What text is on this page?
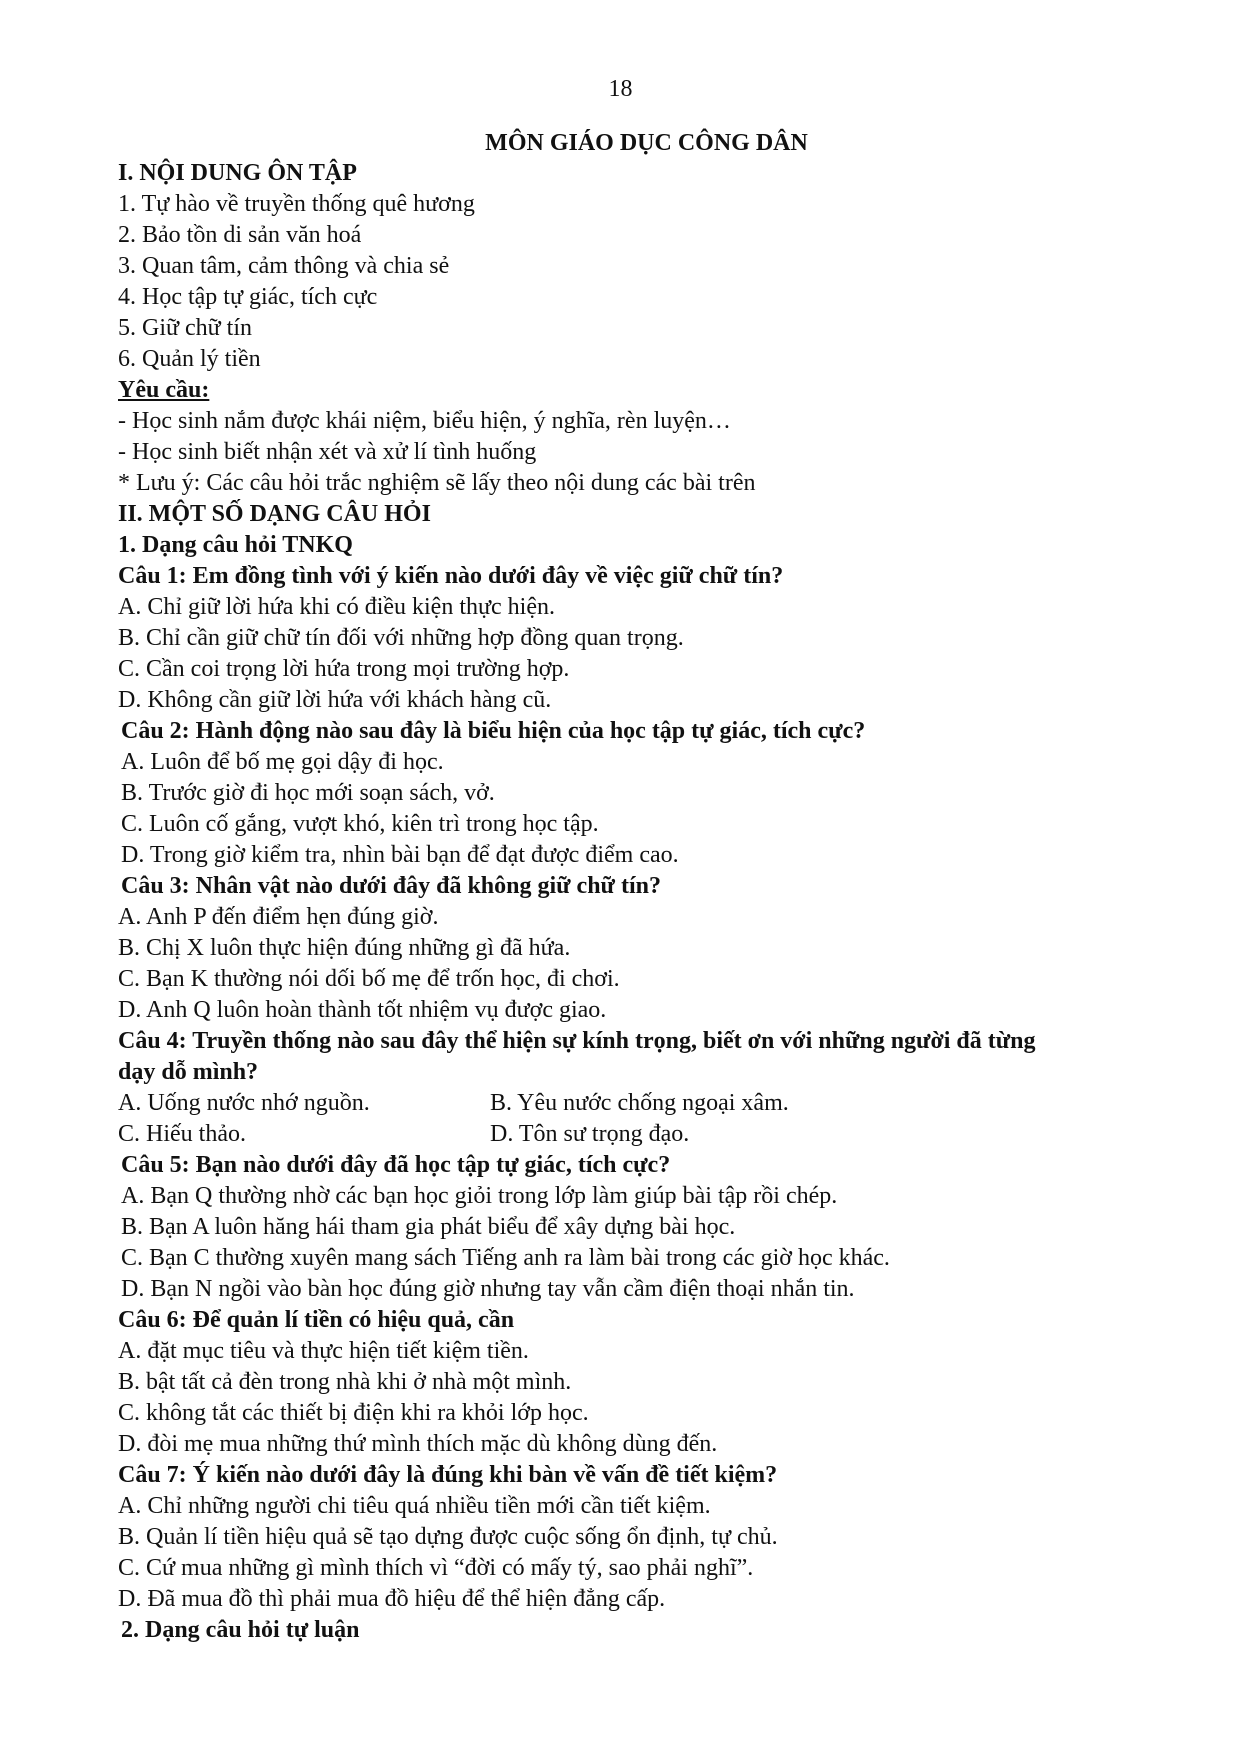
18
MÔN GIÁO DỤC CÔNG DÂN
I. NỘI DUNG ÔN TẬP
1. Tự hào về truyền thống quê hương
2. Bảo tồn di sản văn hoá
3. Quan tâm, cảm thông và chia sẻ
4. Học tập tự giác, tích cực
5. Giữ chữ tín
6. Quản lý tiền
Yêu cầu:
- Học sinh nắm được khái niệm, biểu hiện, ý nghĩa, rèn luyện…
- Học sinh biết nhận xét và xử lí tình huống
* Lưu ý: Các câu hỏi trắc nghiệm sẽ lấy theo nội dung các bài trên
II. MỘT SỐ DẠNG CÂU HỎI
1. Dạng câu hỏi TNKQ
Câu 1: Em đồng tình với ý kiến nào dưới đây về việc giữ chữ tín?
A. Chỉ giữ lời hứa khi có điều kiện thực hiện.
B. Chỉ cần giữ chữ tín đối với những hợp đồng quan trọng.
C. Cần coi trọng lời hứa trong mọi trường hợp.
D. Không cần giữ lời hứa với khách hàng cũ.
Câu 2: Hành động nào sau đây là biểu hiện của học tập tự giác, tích cực?
A. Luôn để bố mẹ gọi dậy đi học.
B. Trước giờ đi học mới soạn sách, vở.
C. Luôn cố gắng, vượt khó, kiên trì trong học tập.
D. Trong giờ kiểm tra, nhìn bài bạn để đạt được điểm cao.
Câu 3: Nhân vật nào dưới đây đã không giữ chữ tín?
A. Anh P đến điểm hẹn đúng giờ.
B. Chị X luôn thực hiện đúng những gì đã hứa.
C. Bạn K thường nói dối bố mẹ để trốn học, đi chơi.
D. Anh Q luôn hoàn thành tốt nhiệm vụ được giao.
Câu 4: Truyền thống nào sau đây thể hiện sự kính trọng, biết ơn với những người đã từng
dạy dỗ mình?
A. Uống nước nhớ nguồn.	B. Yêu nước chống ngoại xâm.
C. Hiếu thảo.	D. Tôn sư trọng đạo.
Câu 5: Bạn nào dưới đây đã học tập tự giác, tích cực?
A. Bạn Q thường nhờ các bạn học giỏi trong lớp làm giúp bài tập rồi chép.
B. Bạn A luôn hăng hái tham gia phát biểu để xây dựng bài học.
C. Bạn C thường xuyên mang sách Tiếng anh ra làm bài trong các giờ học khác.
D. Bạn N ngồi vào bàn học đúng giờ nhưng tay vẫn cầm điện thoại nhắn tin.
Câu 6: Để quản lí tiền có hiệu quả, cần
A. đặt mục tiêu và thực hiện tiết kiệm tiền.
B. bật tất cả đèn trong nhà khi ở nhà một mình.
C. không tắt các thiết bị điện khi ra khỏi lớp học.
D. đòi mẹ mua những thứ mình thích mặc dù không dùng đến.
Câu 7: Ý kiến nào dưới đây là đúng khi bàn về vấn đề tiết kiệm?
A. Chỉ những người chi tiêu quá nhiều tiền mới cần tiết kiệm.
B. Quản lí tiền hiệu quả sẽ tạo dựng được cuộc sống ổn định, tự chủ.
C. Cứ mua những gì mình thích vì “đời có mấy tý, sao phải nghĩ”.
D. Đã mua đồ thì phải mua đồ hiệu để thể hiện đẳng cấp.
2. Dạng câu hỏi tự luận
